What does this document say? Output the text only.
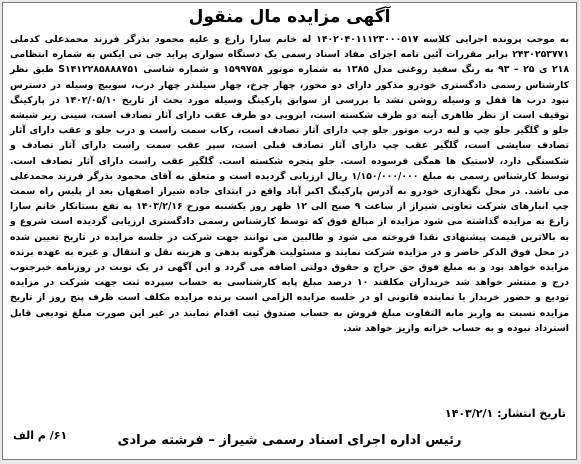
آگهی مزایده مال منقول

به موجب پرونده اجرایی کلاسه ۱۴۰۲۰۴۰۱۱۱۲۳۰۰۰۵۱۷ له خانم سارا زارع و علیه محمود بذرگر فرزند محمدعلی کدملی ۲۴۳۰۲۵۳۷۷۱ برابر مقررات آئین نامه اجرای مفاد اسناد رسمی یک دستگاه سواری پراید جی تی ایکس به شماره انتظامی ۲۱۸ ی ۲۵ – ۹۳ به رنگ سفید روغنی مدل ۱۳۸۵ به شماره موتور ۱۵۹۹۷۵۸ و شماره شاسی S۱۴۱۲۲۸۵۸۸۸۷۵۱ طبق نظر کارشناس رسمی دادگستری خودرو مذکور دارای دو محور، چهار چرخ، چهار سیلندر چهار درب، سوییچ وسیله در دسترس نبود درب ها قفل و وسیله روشن نشد با بررسی از سوابق پارکینگ وسیله مورد بحث از تاریخ ۱۴۰۲/۰۵/۱۰ در پارکینگ توقیف است از نظر ظاهری آینه دو طرف شکسته است، ابرویی دو طرف عقب دارای آثار تصادف است، سینی زیر شیشه جلو و گلگیر جلو چپ و لبه درب موتور جلو چپ دارای آثار تصادف است، رکاب سمت راست و درب جلو و عقب دارای آثار تصادف سایشی است، گلگیر عقب چپ دارای آثار تصادف قبلی است، سپر عقب سمت راست دارای آثار تصادف و شکستگی دارد، لاستیک ها همگی فرسوده است. جلو پنجره شکسته است. گلگیر عقب راست دارای آثار تصادف است. توسط کارشناس رسمی به مبلغ ۱/۱۵۰/۰۰۰/۰۰۰ ریال ارزیابی گردیده است و متعلق به آقای محمود بذرگر فرزند محمدعلی می باشد. در محل نگهداری خودرو به آدرس پارکینگ اکبر آباد واقع در ابتدای جاده شیراز اصفهان بعد از پلیس راه سمت چپ انبارهای شرکت تعاونی شیراز از ساعت ۹ صبح الی ۱۲ ظهر روز یکشنبه مورخ ۱۴۰۳/۲/۱۶ به نفع بستانکار خانم سارا زارع به مزایده گذاشته می شود مزایده از مبالغ فوق که توسط کارشناس رسمی دادگستری ارزیابی گردیده است شروع و به بالاترین قیمت پیشنهادی نقدا فروخته می شود و طالبین می توانند جهت شرکت در جلسه مزایده در تاریخ تعیین شده در محل فوق الذکر حاضر و در مزایده شرکت نمایند و مسئولیت هرگونه بدهی و هزینه نقل و انتقال و غیره به عهده برنده مزایده خواهد بود و به مبلغ فوق حق حراج و حقوق دولتی اضافه می گردد و این آگهی در یک نوبت در روزنامه خبرجنوب درج و منتشر خواهد شد خریداران مکلفند ۱۰ درصد مبلغ پایه کارشناسی به حساب سپرده ثبت جهت شرکت در مزایده تودیع و حضور خریدار یا نماینده قانونی او در جلسه مزایده الزامی است برنده مزایده مکلف است ظرف پنج روز از تاریخ مزایده نسبت به واریز مابه التفاوت مبلغ فروش به حساب صندوق ثبت اقدام نمایند در غیر این صورت مبلغ تودیعی قابل استرداد نبوده و به حساب خزانه واریز خواهد شد.

تاریخ انتشار: ۱۴۰۳/۲/۱
۶۱/ م الف	رئیس اداره اجرای اسناد رسمی شیراز – فرشته مرادی
